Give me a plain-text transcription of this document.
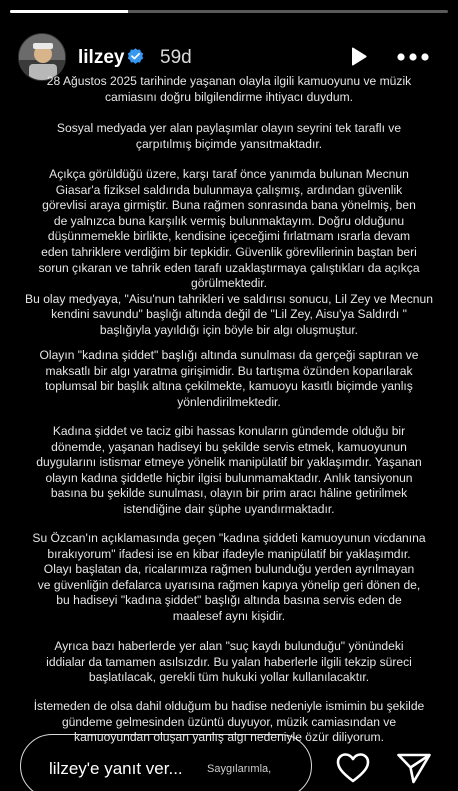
lilzey 59d
28 Ağustos 2025 tarihinde yaşanan olayla ilgili kamuoyunu ve müzik
camiasını doğru bilgilendirme ihtiyacı duydum.
Sosyal medyada yer alan paylaşımlar olayın seyrini tek taraflı ve
çarpıtılmış biçimde yansıtmaktadır.
Açıkça görüldüğü üzere, karşı taraf önce yanımda bulunan Mecnun
Giasar'a fiziksel saldırıda bulunmaya çalışmış, ardından güvenlik
görevlisi araya girmiştir. Buna rağmen sonrasında bana yönelmiş, ben
de yalnızca buna karşılık vermiş bulunmaktayım. Doğru olduğunu
düşünmemekle birlikte, kendisine içeceğimi fırlatmam ısrarla devam
eden tahriklere verdiğim bir tepkidir. Güvenlik görevlilerinin baştan beri
sorun çıkaran ve tahrik eden tarafı uzaklaştırmaya çalıştıkları da açıkça
görülmektedir.
Bu olay medyaya, "Aisu'nun tahrikleri ve saldırısı sonucu, Lil Zey ve Mecnun
kendini savundu" başlığı altında değil de "Lil Zey, Aisu'ya Saldırdı "
başlığıyla yayıldığı için böyle bir algı oluşmuştur.
Olayın "kadına şiddet" başlığı altında sunulması da gerçeği saptıran ve
maksatlı bir algı yaratma girişimidir. Bu tartışma özünden koparılarak
toplumsal bir başlık altına çekilmekte, kamuoyu kasıtlı biçimde yanlış
yönlendirilmektedir.
Kadına şiddet ve taciz gibi hassas konuların gündemde olduğu bir
dönemde, yaşanan hadiseyi bu şekilde servis etmek, kamuoyunun
duygularını istismar etmeye yönelik manipülatif bir yaklaşımdır. Yaşanan
olayın kadına şiddetle hiçbir ilgisi bulunmamaktadır. Anlık tansiyonun
basına bu şekilde sunulması, olayın bir prim aracı hâline getirilmek
istendiğine dair şüphe uyandırmaktadır.
Su Özcan'ın açıklamasında geçen "kadına şiddeti kamuoyunun vicdanına
bırakıyorum" ifadesi ise en kibar ifadeyle manipülatif bir yaklaşımdır.
Olayı başlatan da, ricalarımıza rağmen bulunduğu yerden ayrılmayan
ve güvenliğin defalarca uyarısına rağmen kapıya yönelip geri dönen de,
bu hadiseyi "kadına şiddet" başlığı altında basına servis eden de
maalesef aynı kişidir.
Ayrıca bazı haberlerde yer alan "suç kaydı bulunduğu" yönündeki
iddialar da tamamen asılsızdır. Bu yalan haberlerle ilgili tekzip süreci
başlatılacak, gerekli tüm hukuki yollar kullanılacaktır.
İstemeden de olsa dahil olduğum bu hadise nedeniyle ismimin bu şekilde
gündeme gelmesinden üzüntü duyuyor, müzik camiasından ve
kamuoyundan oluşan yanlış algı nedeniyle özür diliyorum.
lilzey'e yanıt ver... Saygılarımla,
